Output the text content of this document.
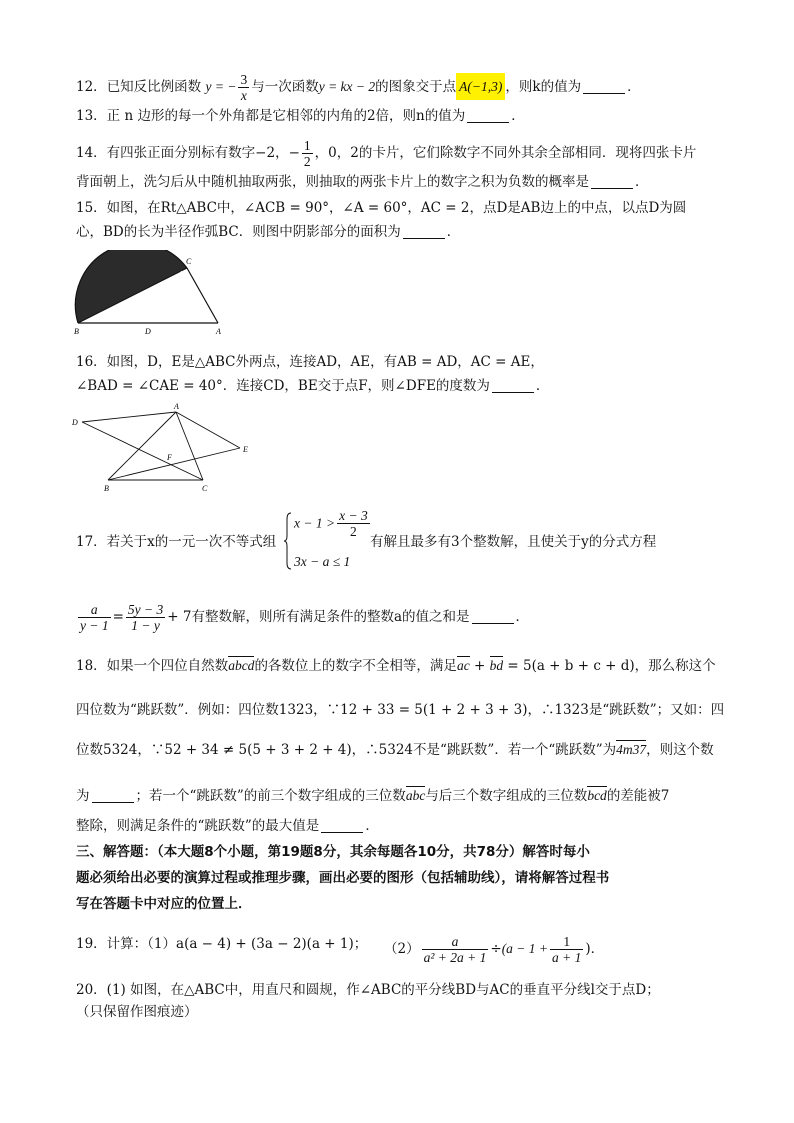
12．已知反比例函数 y = − $\frac{3}{x}$ 与一次函数y = kx − 2的图象交于点 A(−1,3) ，则k的值为	．
13．正 n 边形的每一个外角都是它相邻的内角的2倍，则n的值为	．
14．有四张正面分别标有数字−2，− $\frac{1}{2}$ ，0，2的卡片，它们除数字不同外其余全部相同．现将四张卡片
背面朝上，洗匀后从中随机抽取两张，则抽取的两张卡片上的数字之积为负数的概率是	．
15．如图，在Rt△ABC中，∠ACB = 90°，∠A = 60°，AC = 2，点D是AB边上的中点，以点D为圆
心，BD的长为半径作弧BC．则图中阴影部分的面积为	．
B	D	A
C
16．如图，D，E是△ABC外两点，连接AD，AE，有AB = AD，AC = AE，
∠BAD = ∠CAE = 40°．连接CD，BE交于点F，则∠DFE的度数为	．
D
A
E
F
B	C
17．若关于x的一元一次不等式组
$x - 1 > \frac{x - 3}{2}$
3x − a ≤ 1
有解且最多有3个整数解，且使关于y的分式方程
$\frac{a}{y - 1} = \frac{5y - 3}{1 - y} + 7$有整数解，则所有满足条件的整数a的值之和是	．
18．如果一个四位自然数abcd的各数位上的数字不全相等，满足ac + bd = 5(a + b + c + d)，那么称这个
四位数为“跳跃数”．例如：四位数1323，∵12 + 33 = 5(1 + 2 + 3 + 3)，∴1323是“跳跃数”；又如：四
位数5324，∵52 + 34 ≠ 5(5 + 3 + 2 + 4)，∴5324不是“跳跃数”．若一个“跳跃数”为4m37，则这个数
为	；若一个“跳跃数”的前三个数字组成的三位数abc与后三个数字组成的三位数bcd的差能被7
整除，则满足条件的“跳跃数”的最大值是	．
三、解答题：（本大题8个小题，第19题8分，其余每题各10分，共78分）解答时每小
题必须给出必要的演算过程或推理步骤，画出必要的图形（包括辅助线），请将解答过程书
写在答题卡中对应的位置上．
19．计算：（1）a(a − 4) + (3a − 2)(a + 1)； $(2) \frac{a}{\text{a² + 2a + 1}} \div(a - 1 + \frac{1}{a + 1}$ )．
20．(1) 如图，在△ABC中，用直尺和圆规，作∠ABC的平分线BD与AC的垂直平分线l交于点D；
（只保留作图痕迹）
